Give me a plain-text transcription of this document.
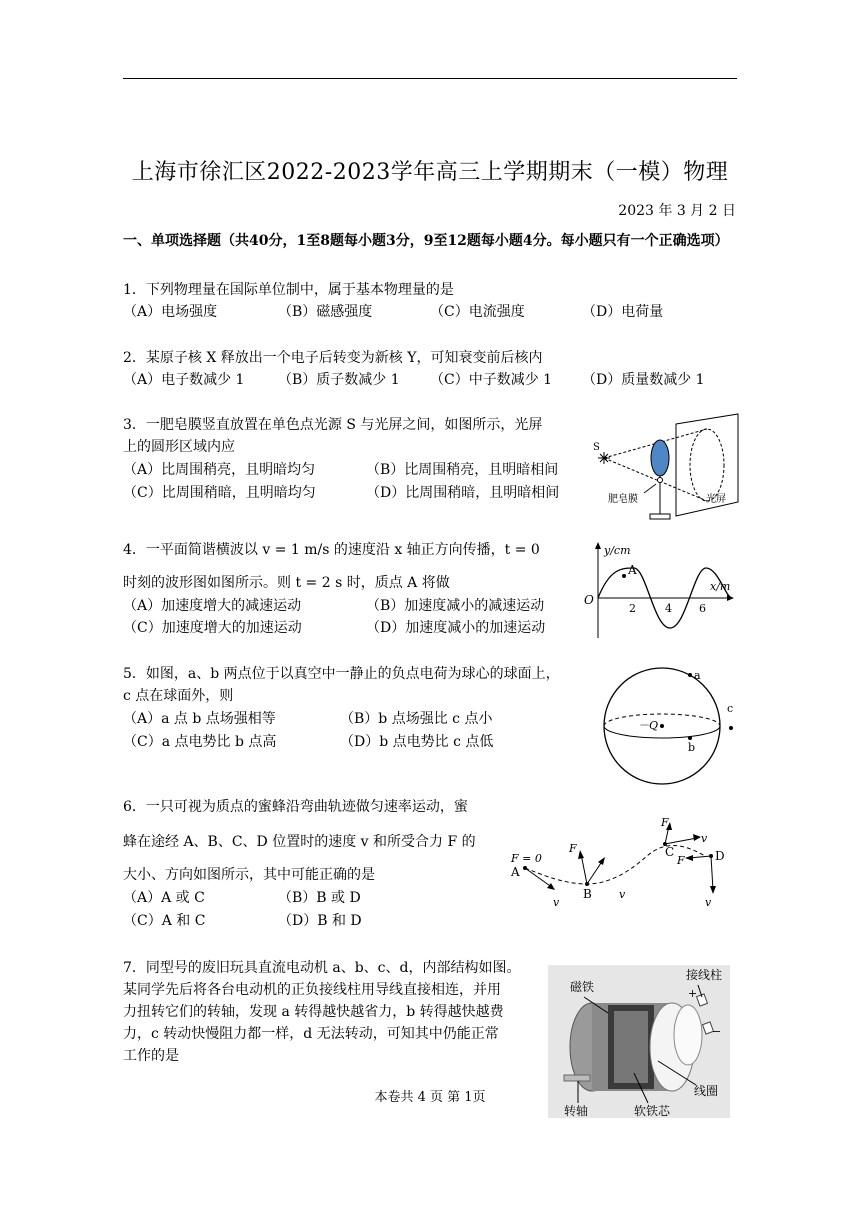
上海市徐汇区2022-2023学年高三上学期期末（一模）物理
2023 年 3 月 2 日
一、单项选择题（共40分，1至8题每小题3分，9至12题每小题4分。每小题只有一个正确选项）
1．下列物理量在国际单位制中，属于基本物理量的是
（A）电场强度	（B）磁感强度	（C）电流强度	（D）电荷量
2．某原子核 X 释放出一个电子后转变为新核 Y，可知衰变前后核内
（A）电子数减少 1 （B）质子数减少 1 （C）中子数减少 1 （D）质量数减少 1
3．一肥皂膜竖直放置在单色点光源 S 与光屏之间，如图所示，光屏
上的圆形区域内应
（A）比周围稍亮，且明暗均匀	（B）比周围稍亮，且明暗相间
（C）比周围稍暗，且明暗均匀	（D）比周围稍暗，且明暗相间
S
肥皂膜	光屏
4．一平面简谐横波以 v = 1 m/s 的速度沿 x 轴正方向传播，t = 0
时刻的波形图如图所示。则 t = 2 s 时，质点 A 将做
（A）加速度增大的减速运动	（B）加速度减小的减速运动
（C）加速度增大的加速运动	（D）加速度减小的加速运动
A
y/cm
x/m
O
2	4 6
5．如图，a、b 两点位于以真空中一静止的负点电荷为球心的球面上，
c 点在球面外，则
（A）a 点 b 点场强相等	（B）b 点场强比 c 点小
（C）a 点电势比 b 点高	（D）b 点电势比 c 点低
－Q
a
b
c
6．一只可视为质点的蜜蜂沿弯曲轨迹做匀速率运动，蜜
蜂在途经 A、B、C、D 位置时的速度 v 和所受合力 F 的
大小、方向如图所示，其中可能正确的是
（A）A 或 C	（B）B 或 D
（C）A 和 C	（D）B 和 D
A
F = 0
v
B
F
v
C
F
v
D
F
v
7．同型号的废旧玩具直流电动机 a、b、c、d，内部结构如图。
某同学先后将各台电动机的正负接线柱用导线直接相连，并用
力扭转它们的转轴，发现 a 转得越快越省力，b 转得越快越费
力，c 转动快慢阻力都一样，d 无法转动，可知其中仍能正常
工作的是
磁铁
接线柱
+
−
线圈
转轴	软铁芯
本卷共 4 页 第 1页
